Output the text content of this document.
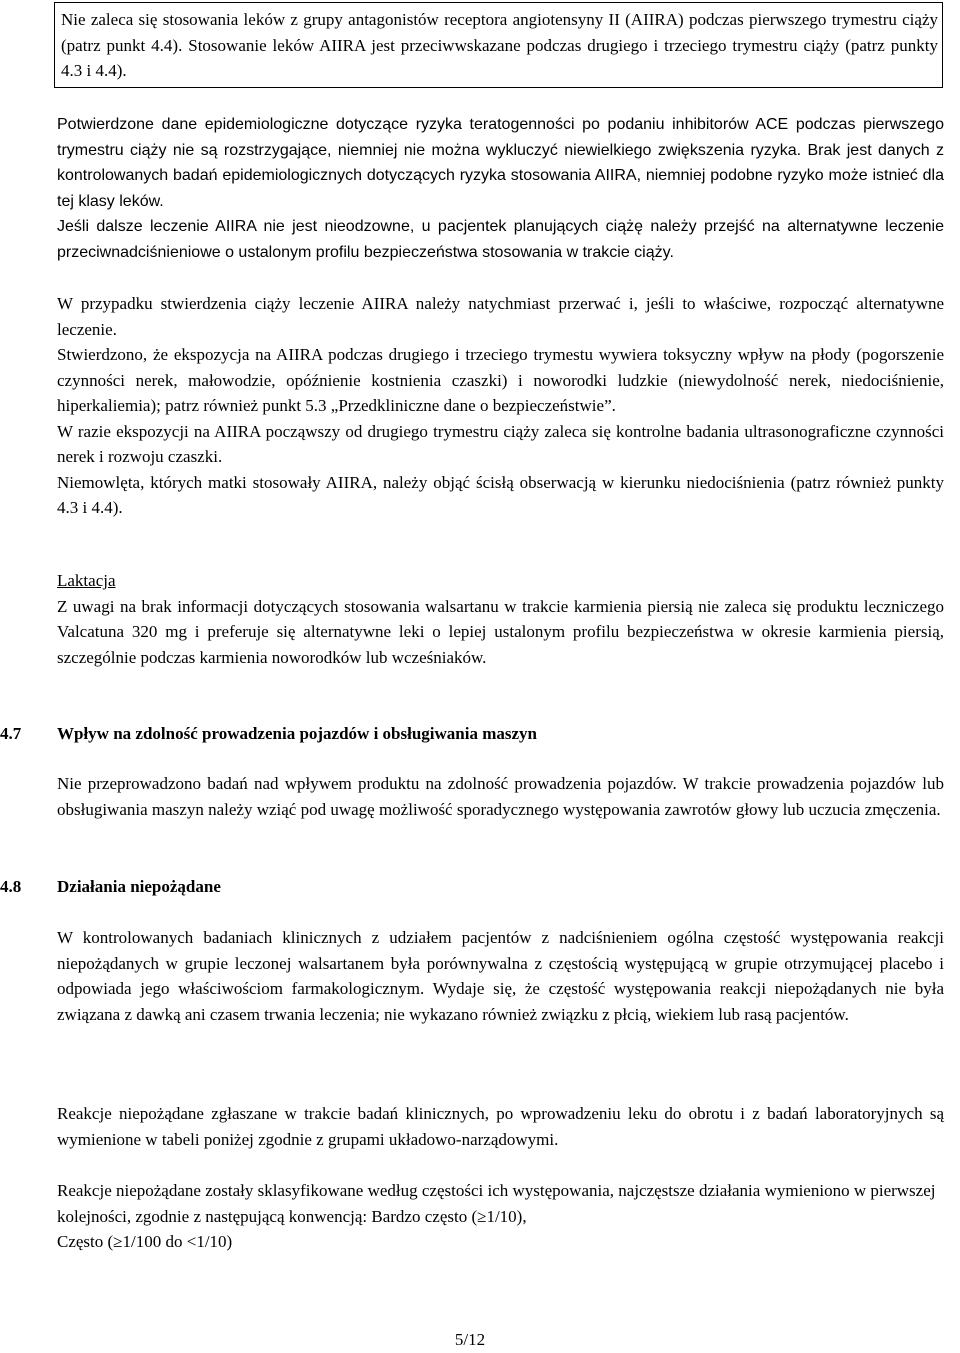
Nie zaleca się stosowania leków z grupy antagonistów receptora angiotensyny II (AIIRA) podczas pierwszego trymestru ciąży (patrz punkt 4.4). Stosowanie leków AIIRA jest przeciwwskazane podczas drugiego i trzeciego trymestru ciąży (patrz punkty 4.3 i 4.4).

Potwierdzone dane epidemiologiczne dotyczące ryzyka teratogenności po podaniu inhibitorów ACE podczas pierwszego trymestru ciąży nie są rozstrzygające, niemniej nie można wykluczyć niewielkiego zwiększenia ryzyka. Brak jest danych z kontrolowanych badań epidemiologicznych dotyczących ryzyka stosowania AIIRA, niemniej podobne ryzyko może istnieć dla tej klasy leków.

Jeśli dalsze leczenie AIIRA nie jest nieodzowne, u pacjentek planujących ciążę należy przejść na alternatywne leczenie przeciwnadciśnieniowe o ustalonym profilu bezpieczeństwa stosowania w trakcie ciąży.

W przypadku stwierdzenia ciąży leczenie AIIRA należy natychmiast przerwać i, jeśli to właściwe, rozpocząć alternatywne leczenie.

Stwierdzono, że ekspozycja na AIIRA podczas drugiego i trzeciego trymestu wywiera toksyczny wpływ na płody (pogorszenie czynności nerek, małowodzie, opóźnienie kostnienia czaszki) i noworodki ludzkie (niewydolność nerek, niedociśnienie, hiperkaliemia); patrz również punkt 5.3 „Przedkliniczne dane o bezpieczeństwie”.

W razie ekspozycji na AIIRA począwszy od drugiego trymestru ciąży zaleca się kontrolne badania ultrasonograficzne czynności nerek i rozwoju czaszki.

Niemowlęta, których matki stosowały AIIRA, należy objąć ścisłą obserwacją w kierunku niedociśnienia (patrz również punkty 4.3 i 4.4).

Laktacja

Z uwagi na brak informacji dotyczących stosowania walsartanu w trakcie karmienia piersią nie zaleca się produktu leczniczego Valcatuna 320 mg i preferuje się alternatywne leki o lepiej ustalonym profilu bezpieczeństwa w okresie karmienia piersią, szczególnie podczas karmienia noworodków lub wcześniaków.

4.7 Wpływ na zdolność prowadzenia pojazdów i obsługiwania maszyn

Nie przeprowadzono badań nad wpływem produktu na zdolność prowadzenia pojazdów. W trakcie prowadzenia pojazdów lub obsługiwania maszyn należy wziąć pod uwagę możliwość sporadycznego występowania zawrotów głowy lub uczucia zmęczenia.

4.8 Działania niepożądane

W kontrolowanych badaniach klinicznych z udziałem pacjentów z nadciśnieniem ogólna częstość występowania reakcji niepożądanych w grupie leczonej walsartanem była porównywalna z częstością występującą w grupie otrzymującej placebo i odpowiada jego właściwościom farmakologicznym. Wydaje się, że częstość występowania reakcji niepożądanych nie była związana z dawką ani czasem trwania leczenia; nie wykazano również związku z płcią, wiekiem lub rasą pacjentów.

Reakcje niepożądane zgłaszane w trakcie badań klinicznych, po wprowadzeniu leku do obrotu i z badań laboratoryjnych są wymienione w tabeli poniżej zgodnie z grupami układowo-narządowymi.

Reakcje niepożądane zostały sklasyfikowane według częstości ich występowania, najczęstsze działania wymieniono w pierwszej kolejności, zgodnie z następującą konwencją: Bardzo często (≥1/10),

Często (≥1/100 do <1/10)

5/12
